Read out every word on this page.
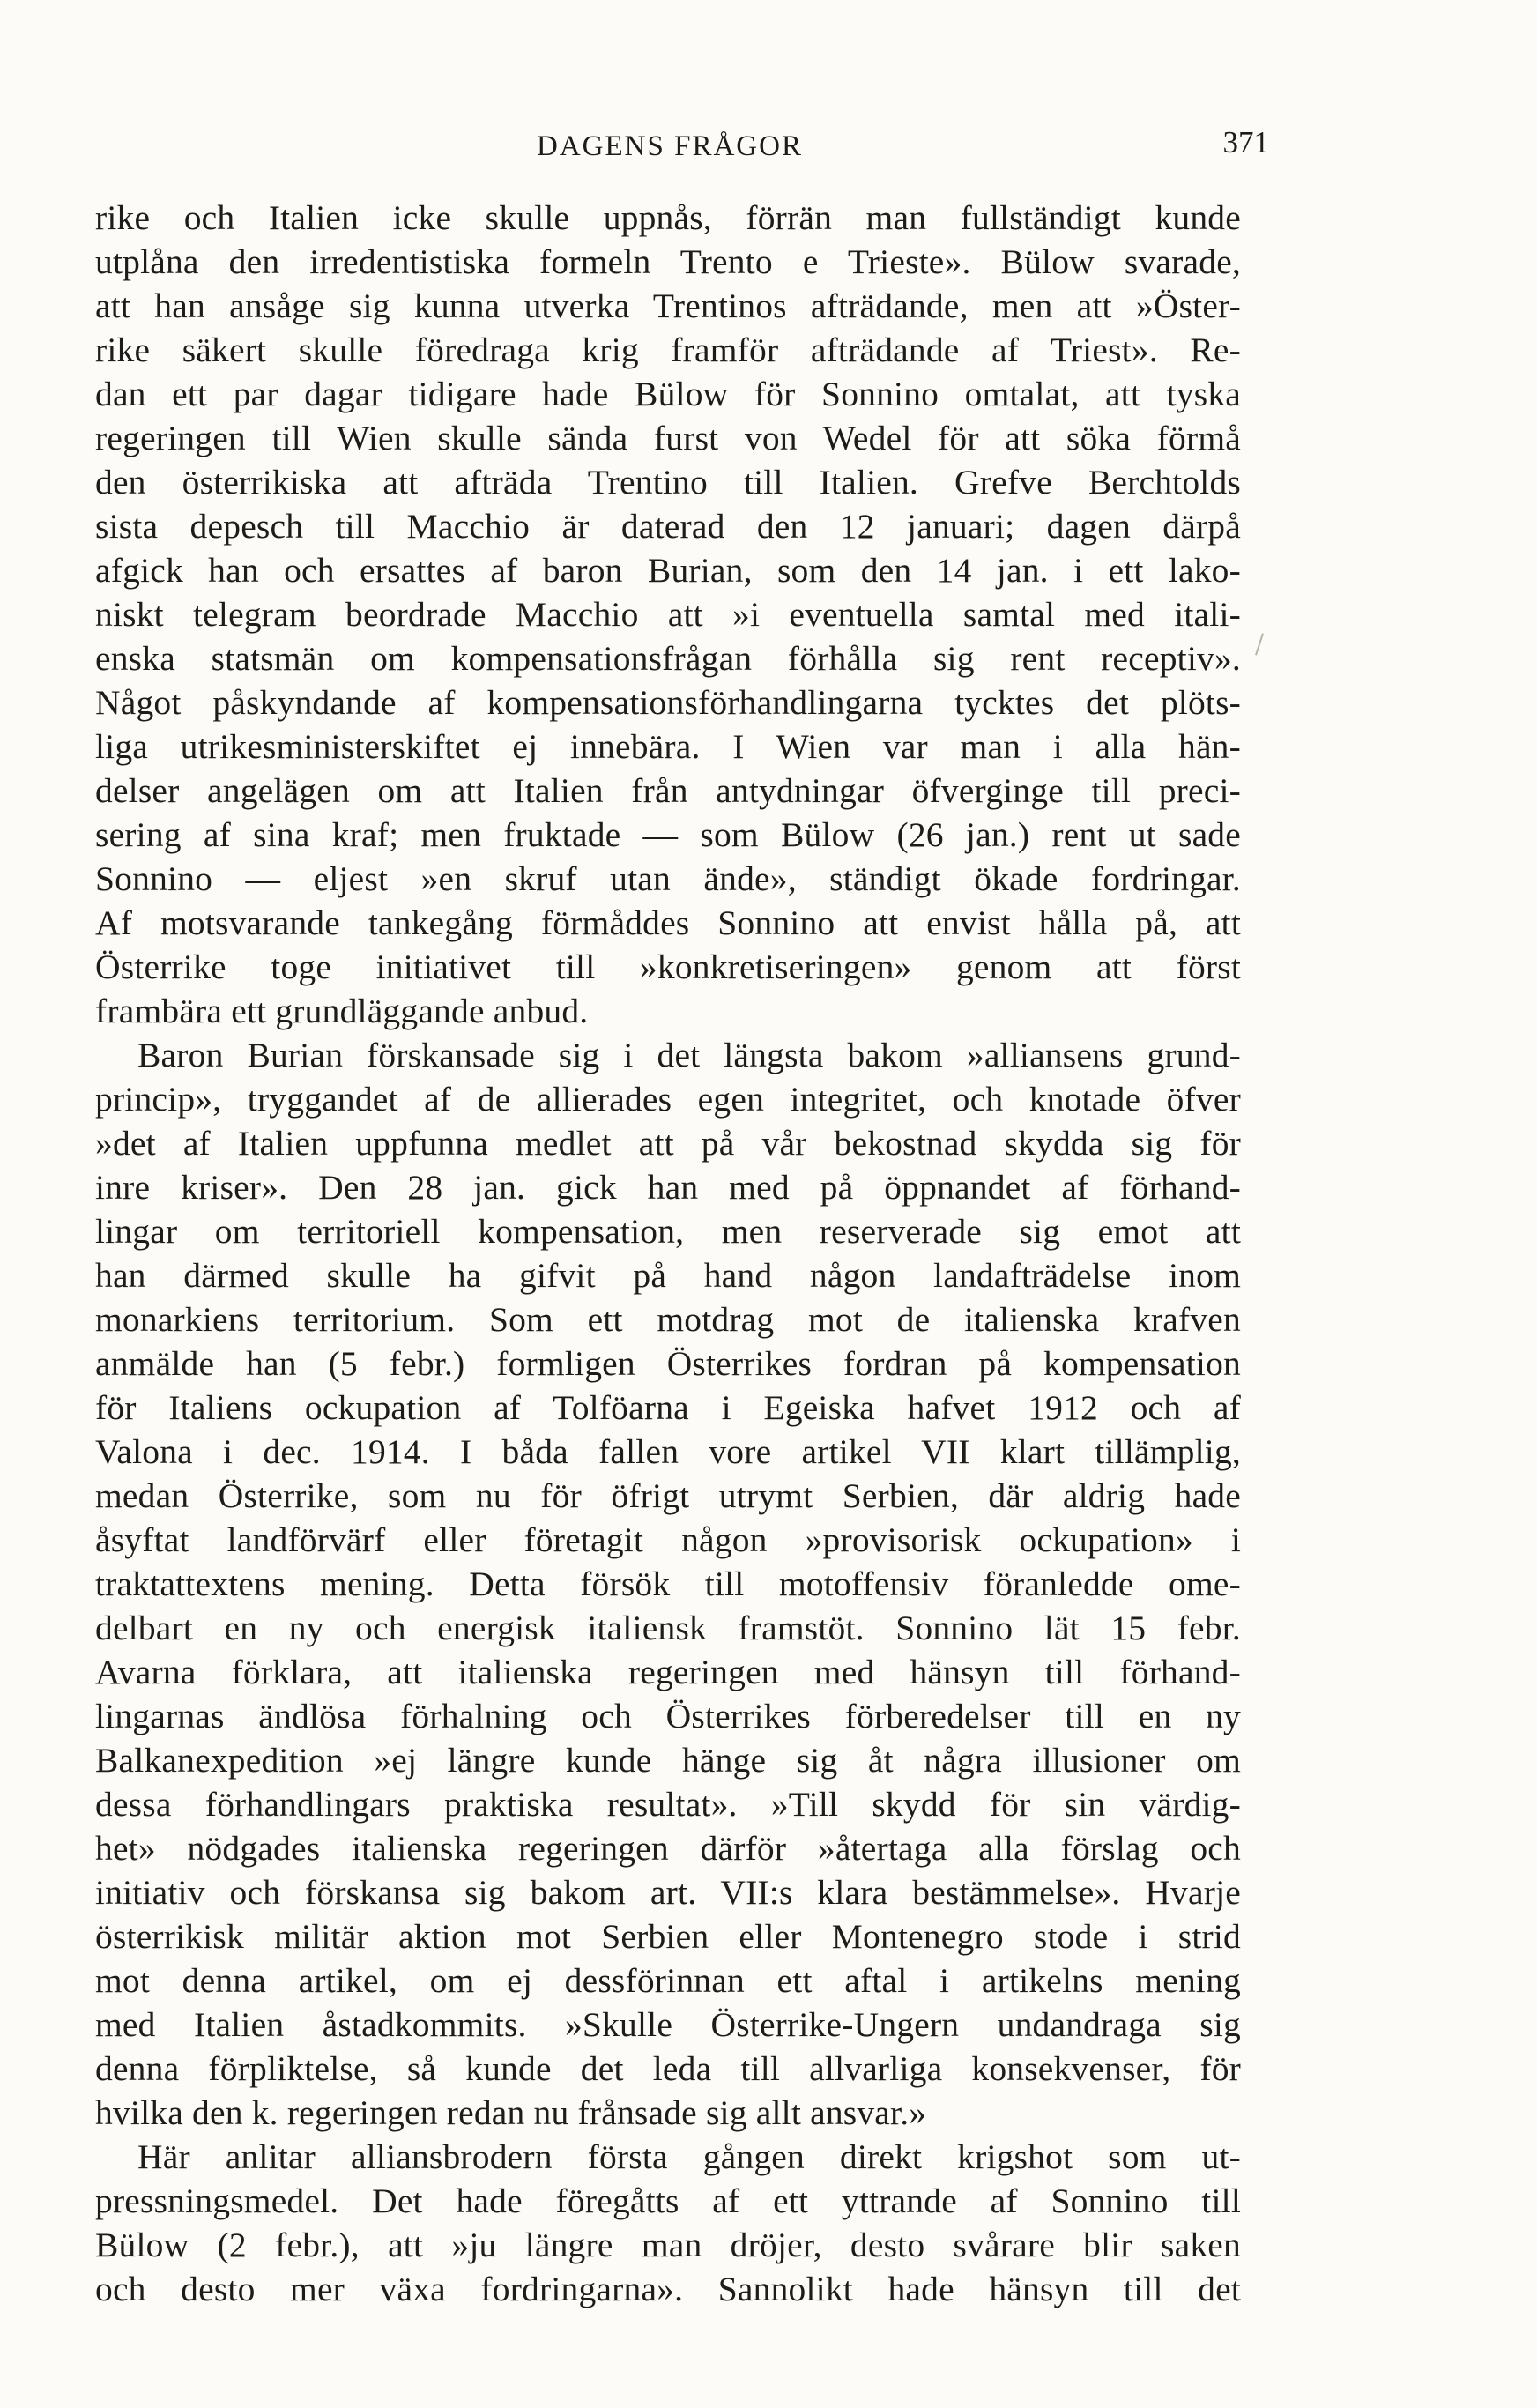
DAGENS FRÅGOR	371
rike och Italien icke skulle uppnås, förrän man fullständigt kunde
utplåna den irredentistiska formeln Trento e Trieste». Bülow svarade,
att han ansåge sig kunna utverka Trentinos afträdande, men att »Öster-
rike säkert skulle föredraga krig framför afträdande af Triest». Re-
dan ett par dagar tidigare hade Bülow för Sonnino omtalat, att tyska
regeringen till Wien skulle sända furst von Wedel för att söka förmå
den österrikiska att afträda Trentino till Italien. Grefve Berchtolds
sista depesch till Macchio är daterad den 12 januari; dagen därpå
afgick han och ersattes af baron Burian, som den 14 jan. i ett lako-
niskt telegram beordrade Macchio att »i eventuella samtal med itali-
enska statsmän om kompensationsfrågan förhålla sig rent receptiv».
Något påskyndande af kompensationsförhandlingarna tycktes det plöts-
liga utrikesministerskiftet ej innebära. I Wien var man i alla hän-
delser angelägen om att Italien från antydningar öfverginge till preci-
sering af sina kraf; men fruktade — som Bülow (26 jan.) rent ut sade
Sonnino — eljest »en skruf utan ände», ständigt ökade fordringar.
Af motsvarande tankegång förmåddes Sonnino att envist hålla på, att
Österrike toge initiativet till »konkretiseringen» genom att först
frambära ett grundläggande anbud.
Baron Burian förskansade sig i det längsta bakom »alliansens grund-
princip», tryggandet af de allierades egen integritet, och knotade öfver
»det af Italien uppfunna medlet att på vår bekostnad skydda sig för
inre kriser». Den 28 jan. gick han med på öppnandet af förhand-
lingar om territoriell kompensation, men reserverade sig emot att
han därmed skulle ha gifvit på hand någon landafträdelse inom
monarkiens territorium. Som ett motdrag mot de italienska krafven
anmälde han (5 febr.) formligen Österrikes fordran på kompensation
för Italiens ockupation af Tolföarna i Egeiska hafvet 1912 och af
Valona i dec. 1914. I båda fallen vore artikel VII klart tillämplig,
medan Österrike, som nu för öfrigt utrymt Serbien, där aldrig hade
åsyftat landförvärf eller företagit någon »provisorisk ockupation» i
traktattextens mening. Detta försök till motoffensiv föranledde ome-
delbart en ny och energisk italiensk framstöt. Sonnino lät 15 febr.
Avarna förklara, att italienska regeringen med hänsyn till förhand-
lingarnas ändlösa förhalning och Österrikes förberedelser till en ny
Balkanexpedition »ej längre kunde hänge sig åt några illusioner om
dessa förhandlingars praktiska resultat». »Till skydd för sin värdig-
het» nödgades italienska regeringen därför »återtaga alla förslag och
initiativ och förskansa sig bakom art. VII:s klara bestämmelse». Hvarje
österrikisk militär aktion mot Serbien eller Montenegro stode i strid
mot denna artikel, om ej dessförinnan ett aftal i artikelns mening
med Italien åstadkommits. »Skulle Österrike-Ungern undandraga sig
denna förpliktelse, så kunde det leda till allvarliga konsekvenser, för
hvilka den k. regeringen redan nu frånsade sig allt ansvar.»
Här anlitar alliansbrodern första gången direkt krigshot som ut-
pressningsmedel. Det hade föregåtts af ett yttrande af Sonnino till
Bülow (2 febr.), att »ju längre man dröjer, desto svårare blir saken
och desto mer växa fordringarna». Sannolikt hade hänsyn till det
